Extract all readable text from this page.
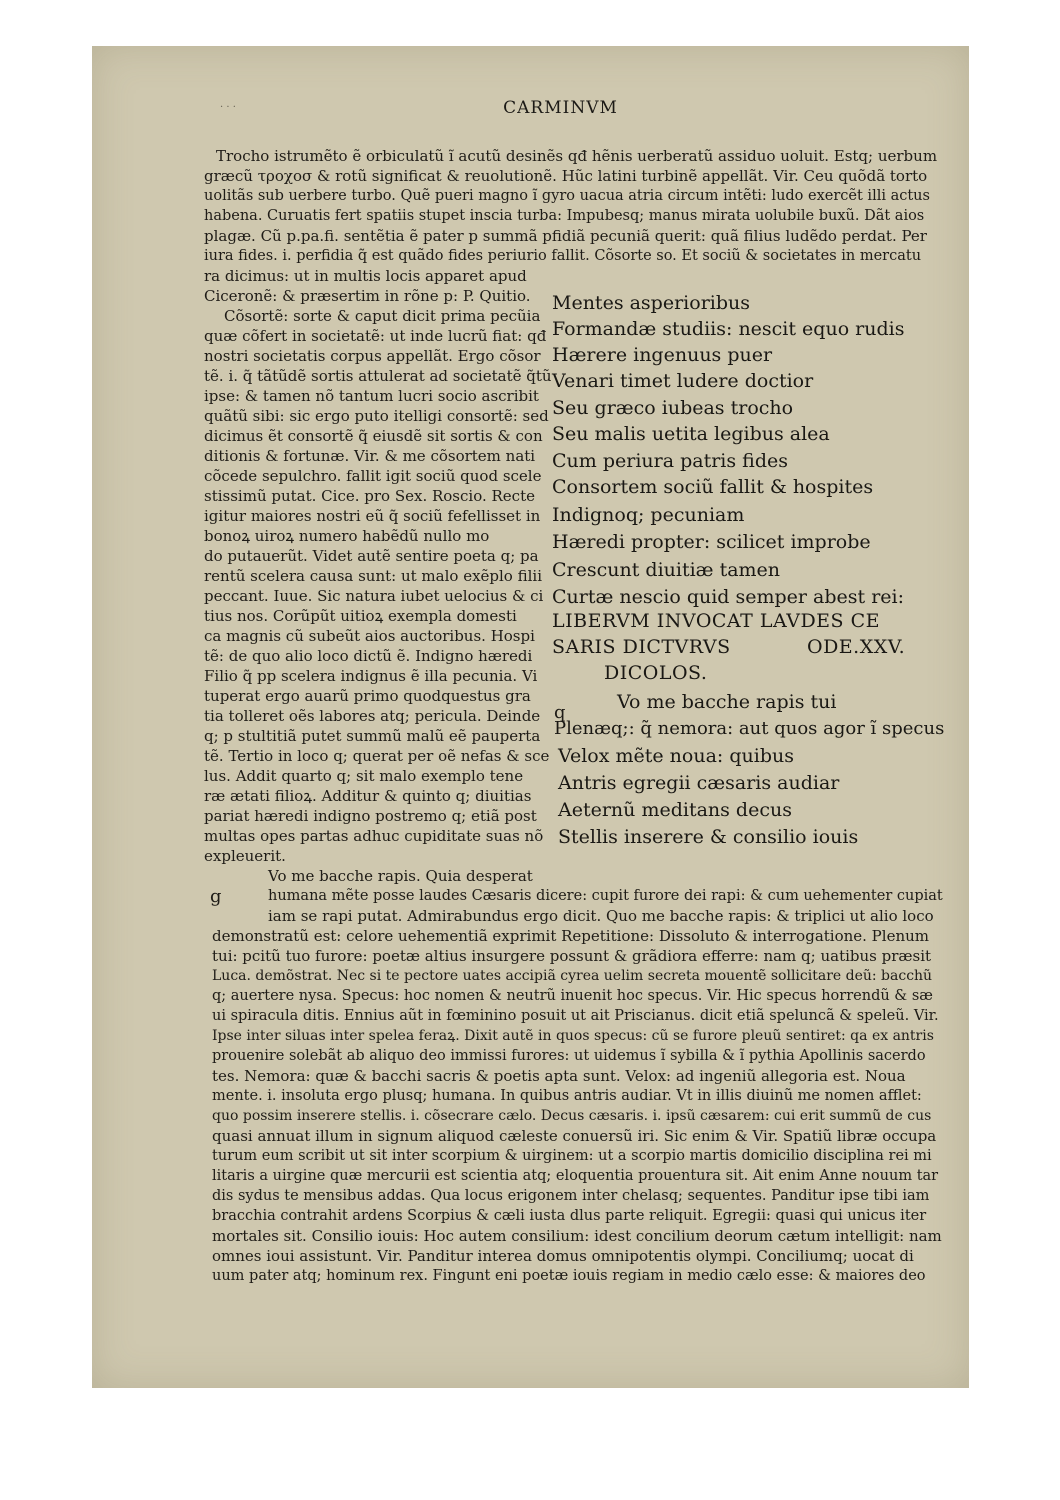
· · ·	CARMINVM
Trocho istrumẽto ẽ orbiculatũ ĩ acutũ desinẽs qđ hẽnis uerberatũ assiduo uoluit. Estq; uerbum
græcũ τροχοσ & rotũ significat & reuolutionẽ. Hũc latini turbinẽ appellãt. Vir. Ceu quõdã torto
uolitãs sub uerbere turbo. Quẽ pueri magno ĩ gyro uacua atria circum intẽti: ludo exercẽt illi actus
habena. Curuatis fert spatiis stupet inscia turba: Impubesq; manus mirata uolubile buxũ. Dãt aios
plagæ. Cũ p.pa.fi. sentẽtia ẽ pater p summã pfidiã pecuniã querit: quã filius ludẽdo perdat. Per
iura fides. i. perfidia q̃ est quãdo fides periurio fallit. Cõsorte so. Et sociũ & societates in mercatu
ra dicimus: ut in multis locis apparet apud
Ciceronẽ: & præsertim in rõne p: P. Quitio.
Cõsortẽ: sorte & caput dicit prima pecũia
quæ cõfert in societatẽ: ut inde lucrũ fiat: qđ
nostri societatis corpus appellãt. Ergo cõsor
tẽ. i. q̃ tãtũdẽ sortis attulerat ad societatẽ q̃tũ
ipse: & tamen nõ tantum lucri socio ascribit
quãtũ sibi: sic ergo puto itelligi consortẽ: sed
dicimus ẽt consortẽ q̃ eiusdẽ sit sortis & con
ditionis & fortunæ. Vir. & me cõsortem nati
cõcede sepulchro. fallit igit sociũ quod scele
stissimũ putat. Cice. pro Sex. Roscio. Recte
igitur maiores nostri eũ q̃ sociũ fefellisset in
bonoꝝ uiroꝝ numero habẽdũ nullo mo
do putauerũt. Videt autẽ sentire poeta q; pa
rentũ scelera causa sunt: ut malo exẽplo filii
peccant. Iuue. Sic natura iubet uelocius & ci
tius nos. Corũpũt uitioꝝ exempla domesti
ca magnis cũ subeũt aios auctoribus. Hospi
tẽ: de quo alio loco dictũ ẽ. Indigno hæredi
Filio q̃ pp scelera indignus ẽ illa pecunia. Vi
tuperat ergo auarũ primo quodquestus gra
tia tolleret oẽs labores atq; pericula. Deinde
q; p stultitiã putet summũ malũ eẽ pauperta
tẽ. Tertio in loco q; querat per oẽ nefas & sce
lus. Addit quarto q; sit malo exemplo tene
ræ ætati filioꝝ. Additur & quinto q; diuitias
pariat hæredi indigno postremo q; etiã post
multas opes partas adhuc cupiditate suas nõ
expleuerit.
Mentes asperioribus
Formandæ studiis: nescit equo rudis
Hærere ingenuus puer
Venari timet ludere doctior
Seu græco iubeas trocho
Seu malis uetita legibus alea
Cum periura patris fides
Consortem sociũ fallit & hospites
Indignoq; pecuniam
Hæredi propter: scilicet improbe
Crescunt diuitiæ tamen
Curtæ nescio quid semper abest rei:
LIBERVM INVOCAT LAVDES CE
SARIS DICTVRVS	ODE.XXV.
DICOLOS.
Vo me bacche rapis tui
q
Plenæq;: q̃ nemora: aut quos agor ĩ specus
Velox mẽte noua: quibus
Antris egregii cæsaris audiar
Aeternũ meditans decus
Stellis inserere & consilio iouis
Vo me bacche rapis. Quia desperat
g	humana mẽte posse laudes Cæsaris dicere: cupit furore dei rapi: & cum uehementer cupiat
iam se rapi putat. Admirabundus ergo dicit. Quo me bacche rapis: & triplici ut alio loco
demonstratũ est: celore uehementiã exprimit Repetitione: Dissoluto & interrogatione. Plenum
tui: pcitũ tuo furore: poetæ altius insurgere possunt & grãdiora efferre: nam q; uatibus præsit
Luca. demõstrat. Nec si te pectore uates accipiã cyrea uelim secreta mouentẽ sollicitare deũ: bacchũ
q; auertere nysa. Specus: hoc nomen & neutrũ inuenit hoc specus. Vir. Hic specus horrendũ & sæ
ui spiracula ditis. Ennius aũt in fœminino posuit ut ait Priscianus. dicit etiã speluncã & speleũ. Vir.
Ipse inter siluas inter spelea feraꝝ. Dixit autẽ in quos specus: cũ se furore pleuũ sentiret: qa ex antris
prouenire solebãt ab aliquo deo immissi furores: ut uidemus ĩ sybilla & ĩ pythia Apollinis sacerdo
tes. Nemora: quæ & bacchi sacris & poetis apta sunt. Velox: ad ingeniũ allegoria est. Noua
mente. i. insoluta ergo plusq; humana. In quibus antris audiar. Vt in illis diuinũ me nomen afflet:
quo possim inserere stellis. i. cõsecrare cælo. Decus cæsaris. i. ipsũ cæsarem: cui erit summũ de cus
quasi annuat illum in signum aliquod cæleste conuersũ iri. Sic enim & Vir. Spatiũ libræ occupa
turum eum scribit ut sit inter scorpium & uirginem: ut a scorpio martis domicilio disciplina rei mi
litaris a uirgine quæ mercurii est scientia atq; eloquentia prouentura sit. Ait enim Anne nouum tar
dis sydus te mensibus addas. Qua locus erigonem inter chelasq; sequentes. Panditur ipse tibi iam
bracchia contrahit ardens Scorpius & cæli iusta dlus parte reliquit. Egregii: quasi qui unicus iter
mortales sit. Consilio iouis: Hoc autem consilium: idest concilium deorum cætum intelligit: nam
omnes ioui assistunt. Vir. Panditur interea domus omnipotentis olympi. Conciliumq; uocat di
uum pater atq; hominum rex. Fingunt eni poetæ iouis regiam in medio cælo esse: & maiores deo
